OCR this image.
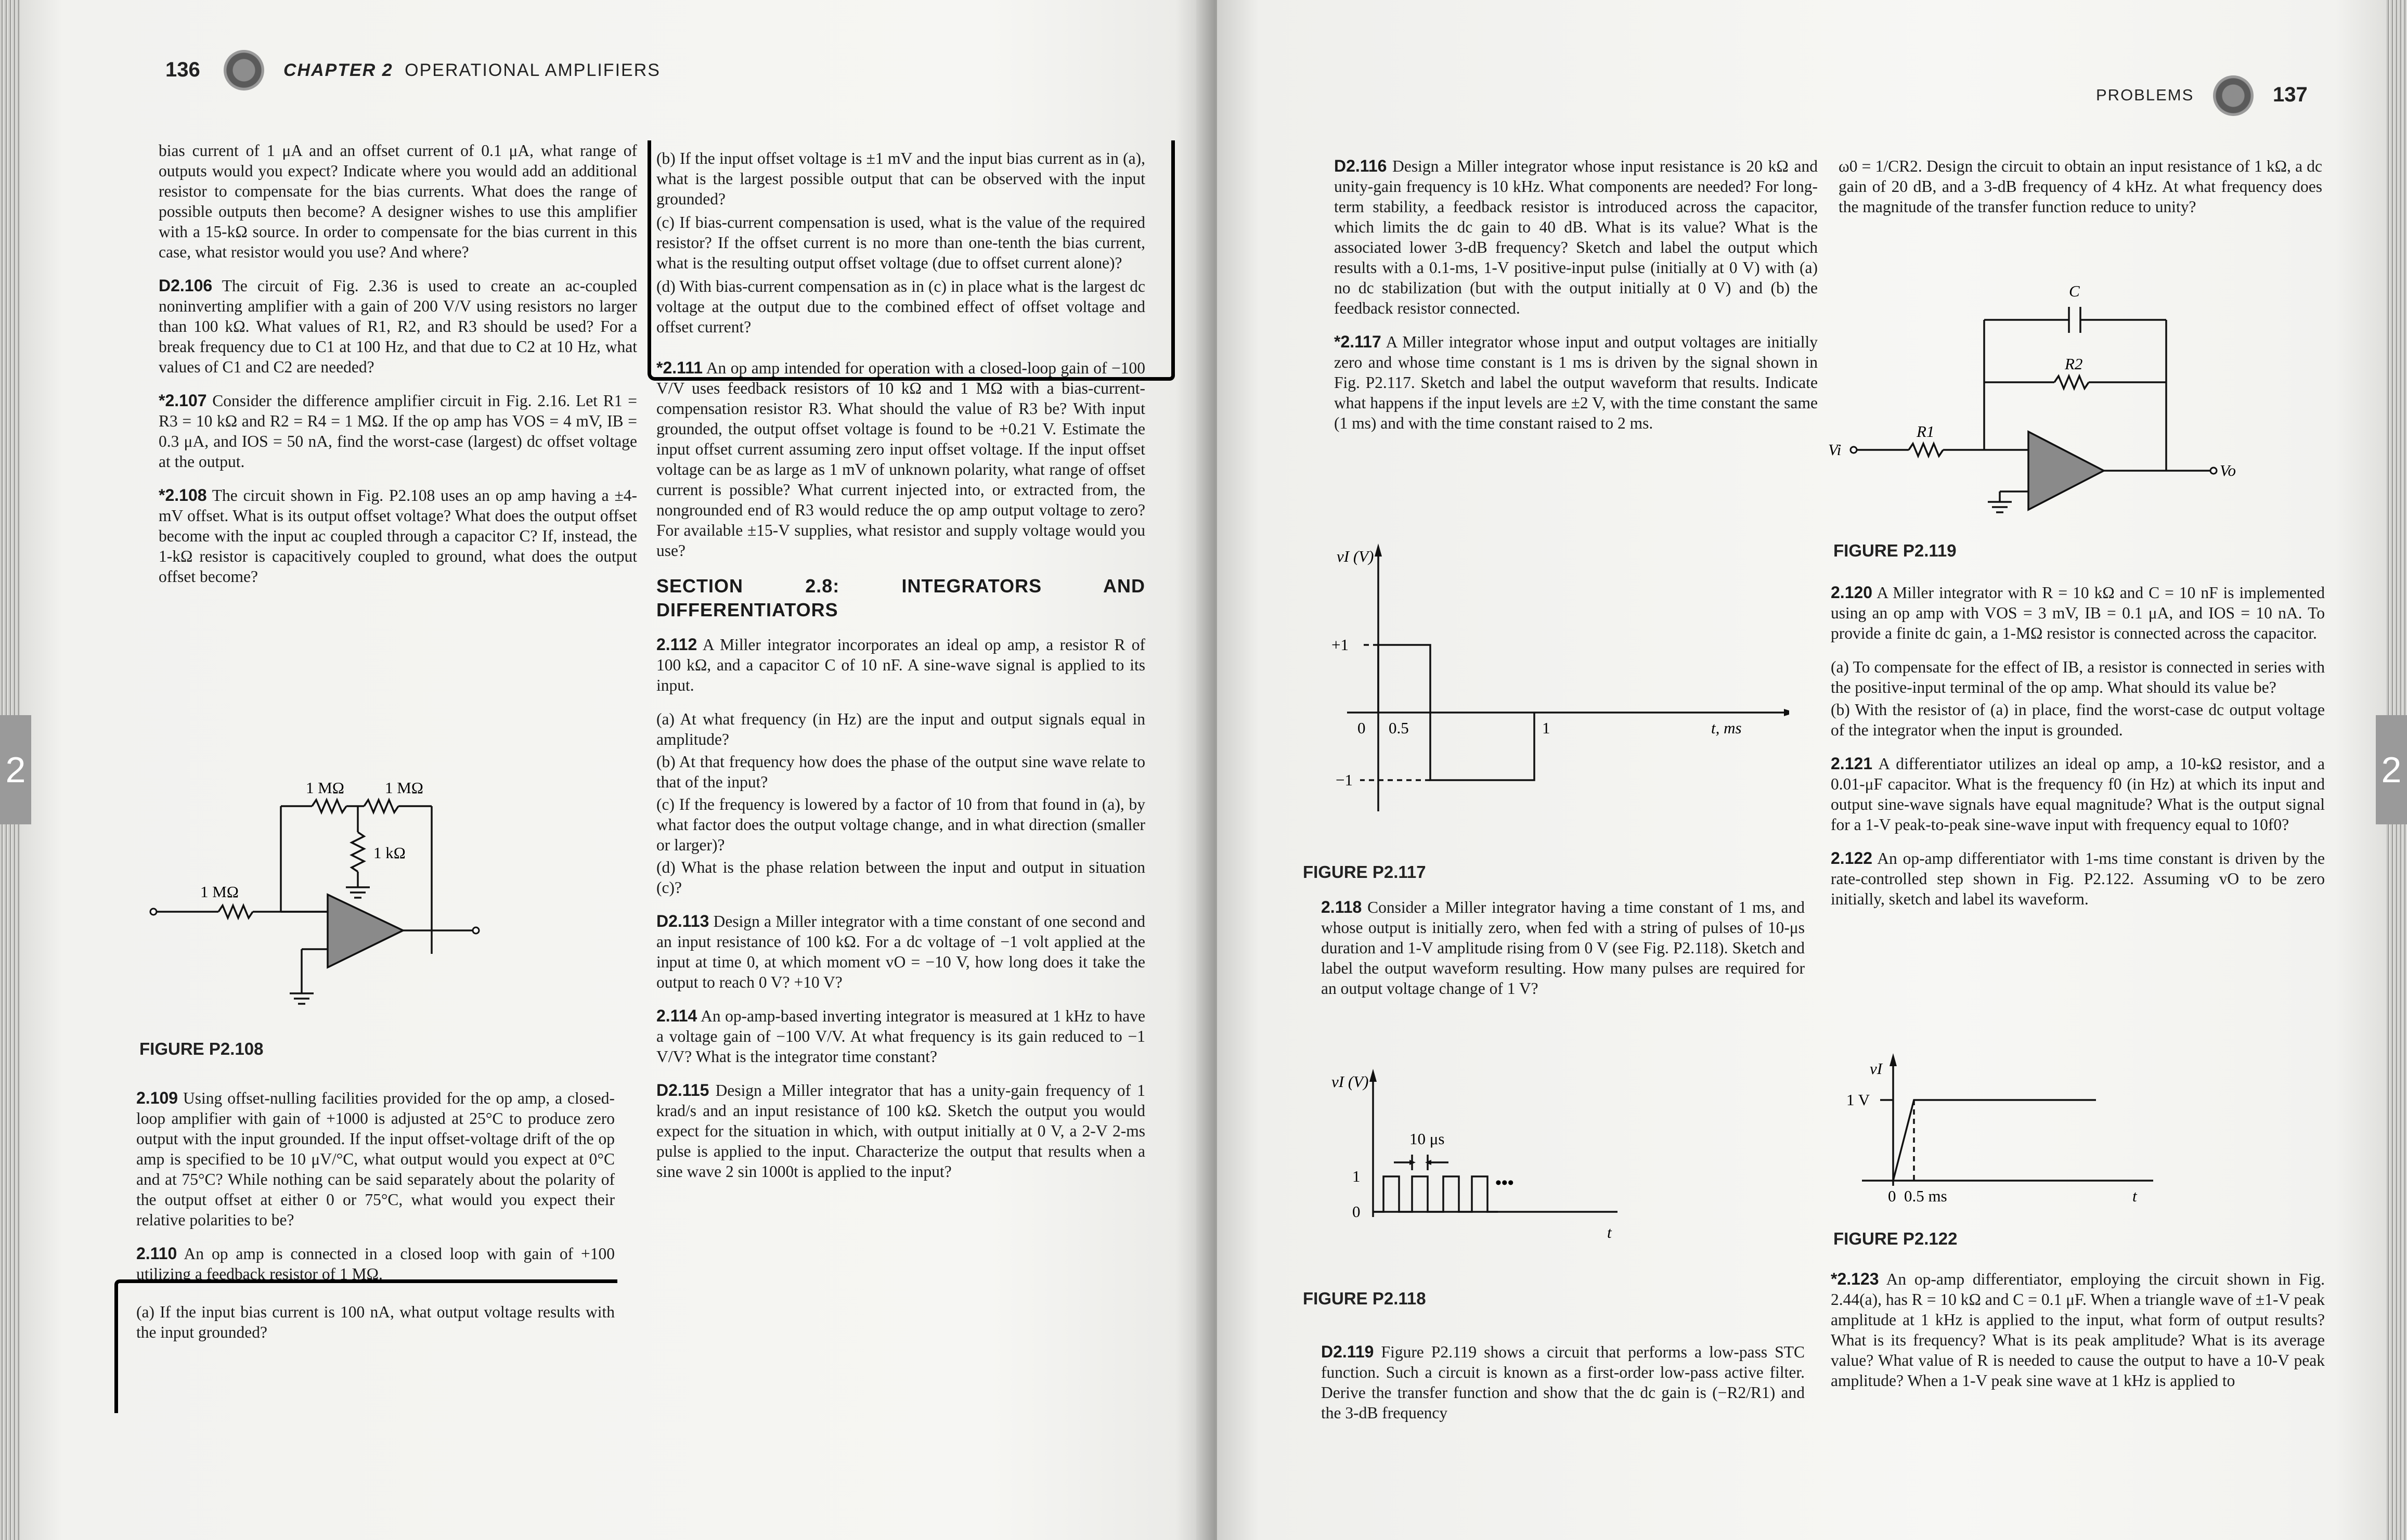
2
136	CHAPTER 2 OPERATIONAL AMPLIFIERS

bias current of 1 μA and an offset current of 0.1 μA, what range of outputs would you expect? Indicate where you would add an additional resistor to compensate for the bias currents. What does the range of possible outputs then become? A designer wishes to use this amplifier with a 15-kΩ source. In order to compensate for the bias current in this case, what resistor would you use? And where?

D2.106 The circuit of Fig. 2.36 is used to create an ac-coupled noninverting amplifier with a gain of 200 V/V using resistors no larger than 100 kΩ. What values of R1, R2, and R3 should be used? For a break frequency due to C1 at 100 Hz, and that due to C2 at 10 Hz, what values of C1 and C2 are needed?

*2.107 Consider the difference amplifier circuit in Fig. 2.16. Let R1 = R3 = 10 kΩ and R2 = R4 = 1 MΩ. If the op amp has VOS = 4 mV, IB = 0.3 μA, and IOS = 50 nA, find the worst-case (largest) dc offset voltage at the output.

*2.108 The circuit shown in Fig. P2.108 uses an op amp having a ±4-mV offset. What is its output offset voltage? What does the output offset become with the input ac coupled through a capacitor C? If, instead, the 1-kΩ resistor is capacitively coupled to ground, what does the output offset become?

1 MΩ	1 MΩ
1 kΩ
1 MΩ
FIGURE P2.108

2.109 Using offset-nulling facilities provided for the op amp, a closed-loop amplifier with gain of +1000 is adjusted at 25°C to produce zero output with the input grounded. If the input offset-voltage drift of the op amp is specified to be 10 μV/°C, what output would you expect at 0°C and at 75°C? While nothing can be said separately about the polarity of the output offset at either 0 or 75°C, what would you expect their relative polarities to be?

2.110 An op amp is connected in a closed loop with gain of +100 utilizing a feedback resistor of 1 MΩ.

(a) If the input bias current is 100 nA, what output voltage results with the input grounded?

(b) If the input offset voltage is ±1 mV and the input bias current as in (a), what is the largest possible output that can be observed with the input grounded?

(c) If bias-current compensation is used, what is the value of the required resistor? If the offset current is no more than one-tenth the bias current, what is the resulting output offset voltage (due to offset current alone)?

(d) With bias-current compensation as in (c) in place what is the largest dc voltage at the output due to the combined effect of offset voltage and offset current?

*2.111 An op amp intended for operation with a closed-loop gain of −100 V/V uses feedback resistors of 10 kΩ and 1 MΩ with a bias-current-compensation resistor R3. What should the value of R3 be? With input grounded, the output offset voltage is found to be +0.21 V. Estimate the input offset current assuming zero input offset voltage. If the input offset voltage can be as large as 1 mV of unknown polarity, what range of offset current is possible? What current injected into, or extracted from, the nongrounded end of R3 would reduce the op amp output voltage to zero? For available ±15-V supplies, what resistor and supply voltage would you use?

SECTION 2.8: INTEGRATORS AND DIFFERENTIATORS

2.112 A Miller integrator incorporates an ideal op amp, a resistor R of 100 kΩ, and a capacitor C of 10 nF. A sine-wave signal is applied to its input.

(a) At what frequency (in Hz) are the input and output signals equal in amplitude?

(b) At that frequency how does the phase of the output sine wave relate to that of the input?

(c) If the frequency is lowered by a factor of 10 from that found in (a), by what factor does the output voltage change, and in what direction (smaller or larger)?

(d) What is the phase relation between the input and output in situation (c)?

D2.113 Design a Miller integrator with a time constant of one second and an input resistance of 100 kΩ. For a dc voltage of −1 volt applied at the input at time 0, at which moment vO = −10 V, how long does it take the output to reach 0 V? +10 V?

2.114 An op-amp-based inverting integrator is measured at 1 kHz to have a voltage gain of −100 V/V. At what frequency is its gain reduced to −1 V/V? What is the integrator time constant?

D2.115 Design a Miller integrator that has a unity-gain frequency of 1 krad/s and an input resistance of 100 kΩ. Sketch the output you would expect for the situation in which, with output initially at 0 V, a 2-V 2-ms pulse is applied to the input. Characterize the output that results when a sine wave 2 sin 1000t is applied to the input?

2
PROBLEMS	137

D2.116 Design a Miller integrator whose input resistance is 20 kΩ and unity-gain frequency is 10 kHz. What components are needed? For long-term stability, a feedback resistor is introduced across the capacitor, which limits the dc gain to 40 dB. What is its value? What is the associated lower 3-dB frequency? Sketch and label the output which results with a 0.1-ms, 1-V positive-input pulse (initially at 0 V) with (a) no dc stabilization (but with the output initially at 0 V) and (b) the feedback resistor connected.

*2.117 A Miller integrator whose input and output voltages are initially zero and whose time constant is 1 ms is driven by the signal shown in Fig. P2.117. Sketch and label the output waveform that results. Indicate what happens if the input levels are ±2 V, with the time constant the same (1 ms) and with the time constant raised to 2 ms.

vI (V)
+1
−1
0 0.5	1	t, ms
FIGURE P2.117

2.118 Consider a Miller integrator having a time constant of 1 ms, and whose output is initially zero, when fed with a string of pulses of 10-μs duration and 1-V amplitude rising from 0 V (see Fig. P2.118). Sketch and label the output waveform resulting. How many pulses are required for an output voltage change of 1 V?

vI (V)
10 μs
1
0
•••
t
FIGURE P2.118

D2.119 Figure P2.119 shows a circuit that performs a low-pass STC function. Such a circuit is known as a first-order low-pass active filter. Derive the transfer function and show that the dc gain is (−R2/R1) and the 3-dB frequency

ω0 = 1/CR2. Design the circuit to obtain an input resistance of 1 kΩ, a dc gain of 20 dB, and a 3-dB frequency of 4 kHz. At what frequency does the magnitude of the transfer function reduce to unity?

C
R2
R1
Vi
Vo
FIGURE P2.119

2.120 A Miller integrator with R = 10 kΩ and C = 10 nF is implemented using an op amp with VOS = 3 mV, IB = 0.1 μA, and IOS = 10 nA. To provide a finite dc gain, a 1-MΩ resistor is connected across the capacitor.

(a) To compensate for the effect of IB, a resistor is connected in series with the positive-input terminal of the op amp. What should its value be?

(b) With the resistor of (a) in place, find the worst-case dc output voltage of the integrator when the input is grounded.

2.121 A differentiator utilizes an ideal op amp, a 10-kΩ resistor, and a 0.01-μF capacitor. What is the frequency f0 (in Hz) at which its input and output sine-wave signals have equal magnitude? What is the output signal for a 1-V peak-to-peak sine-wave input with frequency equal to 10f0?

2.122 An op-amp differentiator with 1-ms time constant is driven by the rate-controlled step shown in Fig. P2.122. Assuming vO to be zero initially, sketch and label its waveform.

vI
1 V
0  0.5 ms	t
FIGURE P2.122

*2.123 An op-amp differentiator, employing the circuit shown in Fig. 2.44(a), has R = 10 kΩ and C = 0.1 μF. When a triangle wave of ±1-V peak amplitude at 1 kHz is applied to the input, what form of output results? What is its frequency? What is its peak amplitude? What is its average value? What value of R is needed to cause the output to have a 10-V peak amplitude? When a 1-V peak sine wave at 1 kHz is applied to
